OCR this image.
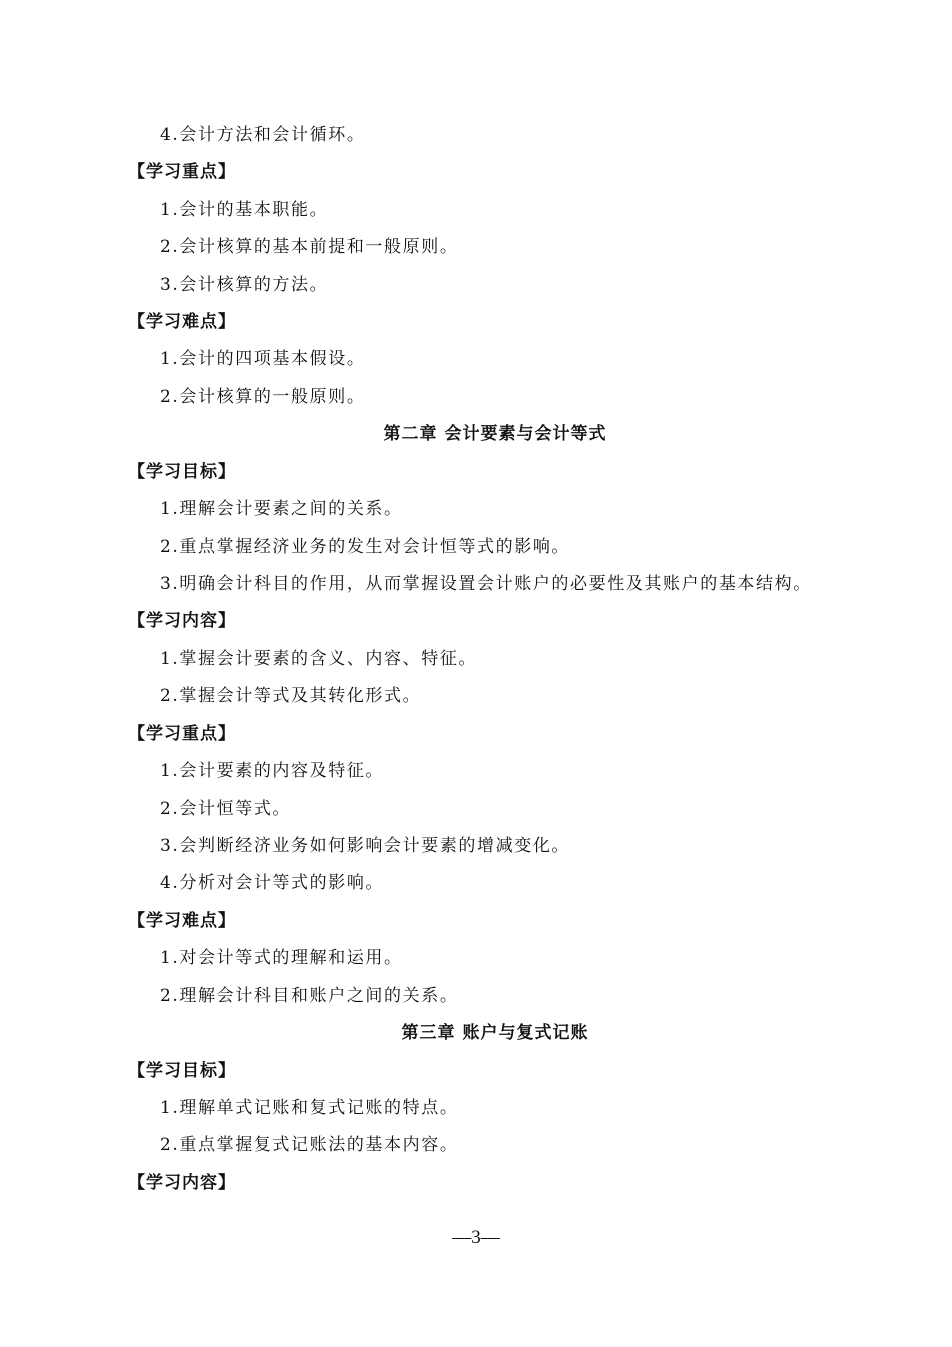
4.会计方法和会计循环。
【学习重点】
1.会计的基本职能。
2.会计核算的基本前提和一般原则。
3.会计核算的方法。
【学习难点】
1.会计的四项基本假设。
2.会计核算的一般原则。
第二章 会计要素与会计等式
【学习目标】
1.理解会计要素之间的关系。
2.重点掌握经济业务的发生对会计恒等式的影响。
3.明确会计科目的作用，从而掌握设置会计账户的必要性及其账户的基本结构。
【学习内容】
1.掌握会计要素的含义、内容、特征。
2.掌握会计等式及其转化形式。
【学习重点】
1.会计要素的内容及特征。
2.会计恒等式。
3.会判断经济业务如何影响会计要素的增减变化。
4.分析对会计等式的影响。
【学习难点】
1.对会计等式的理解和运用。
2.理解会计科目和账户之间的关系。
第三章 账户与复式记账
【学习目标】
1.理解单式记账和复式记账的特点。
2.重点掌握复式记账法的基本内容。
【学习内容】
—3—
